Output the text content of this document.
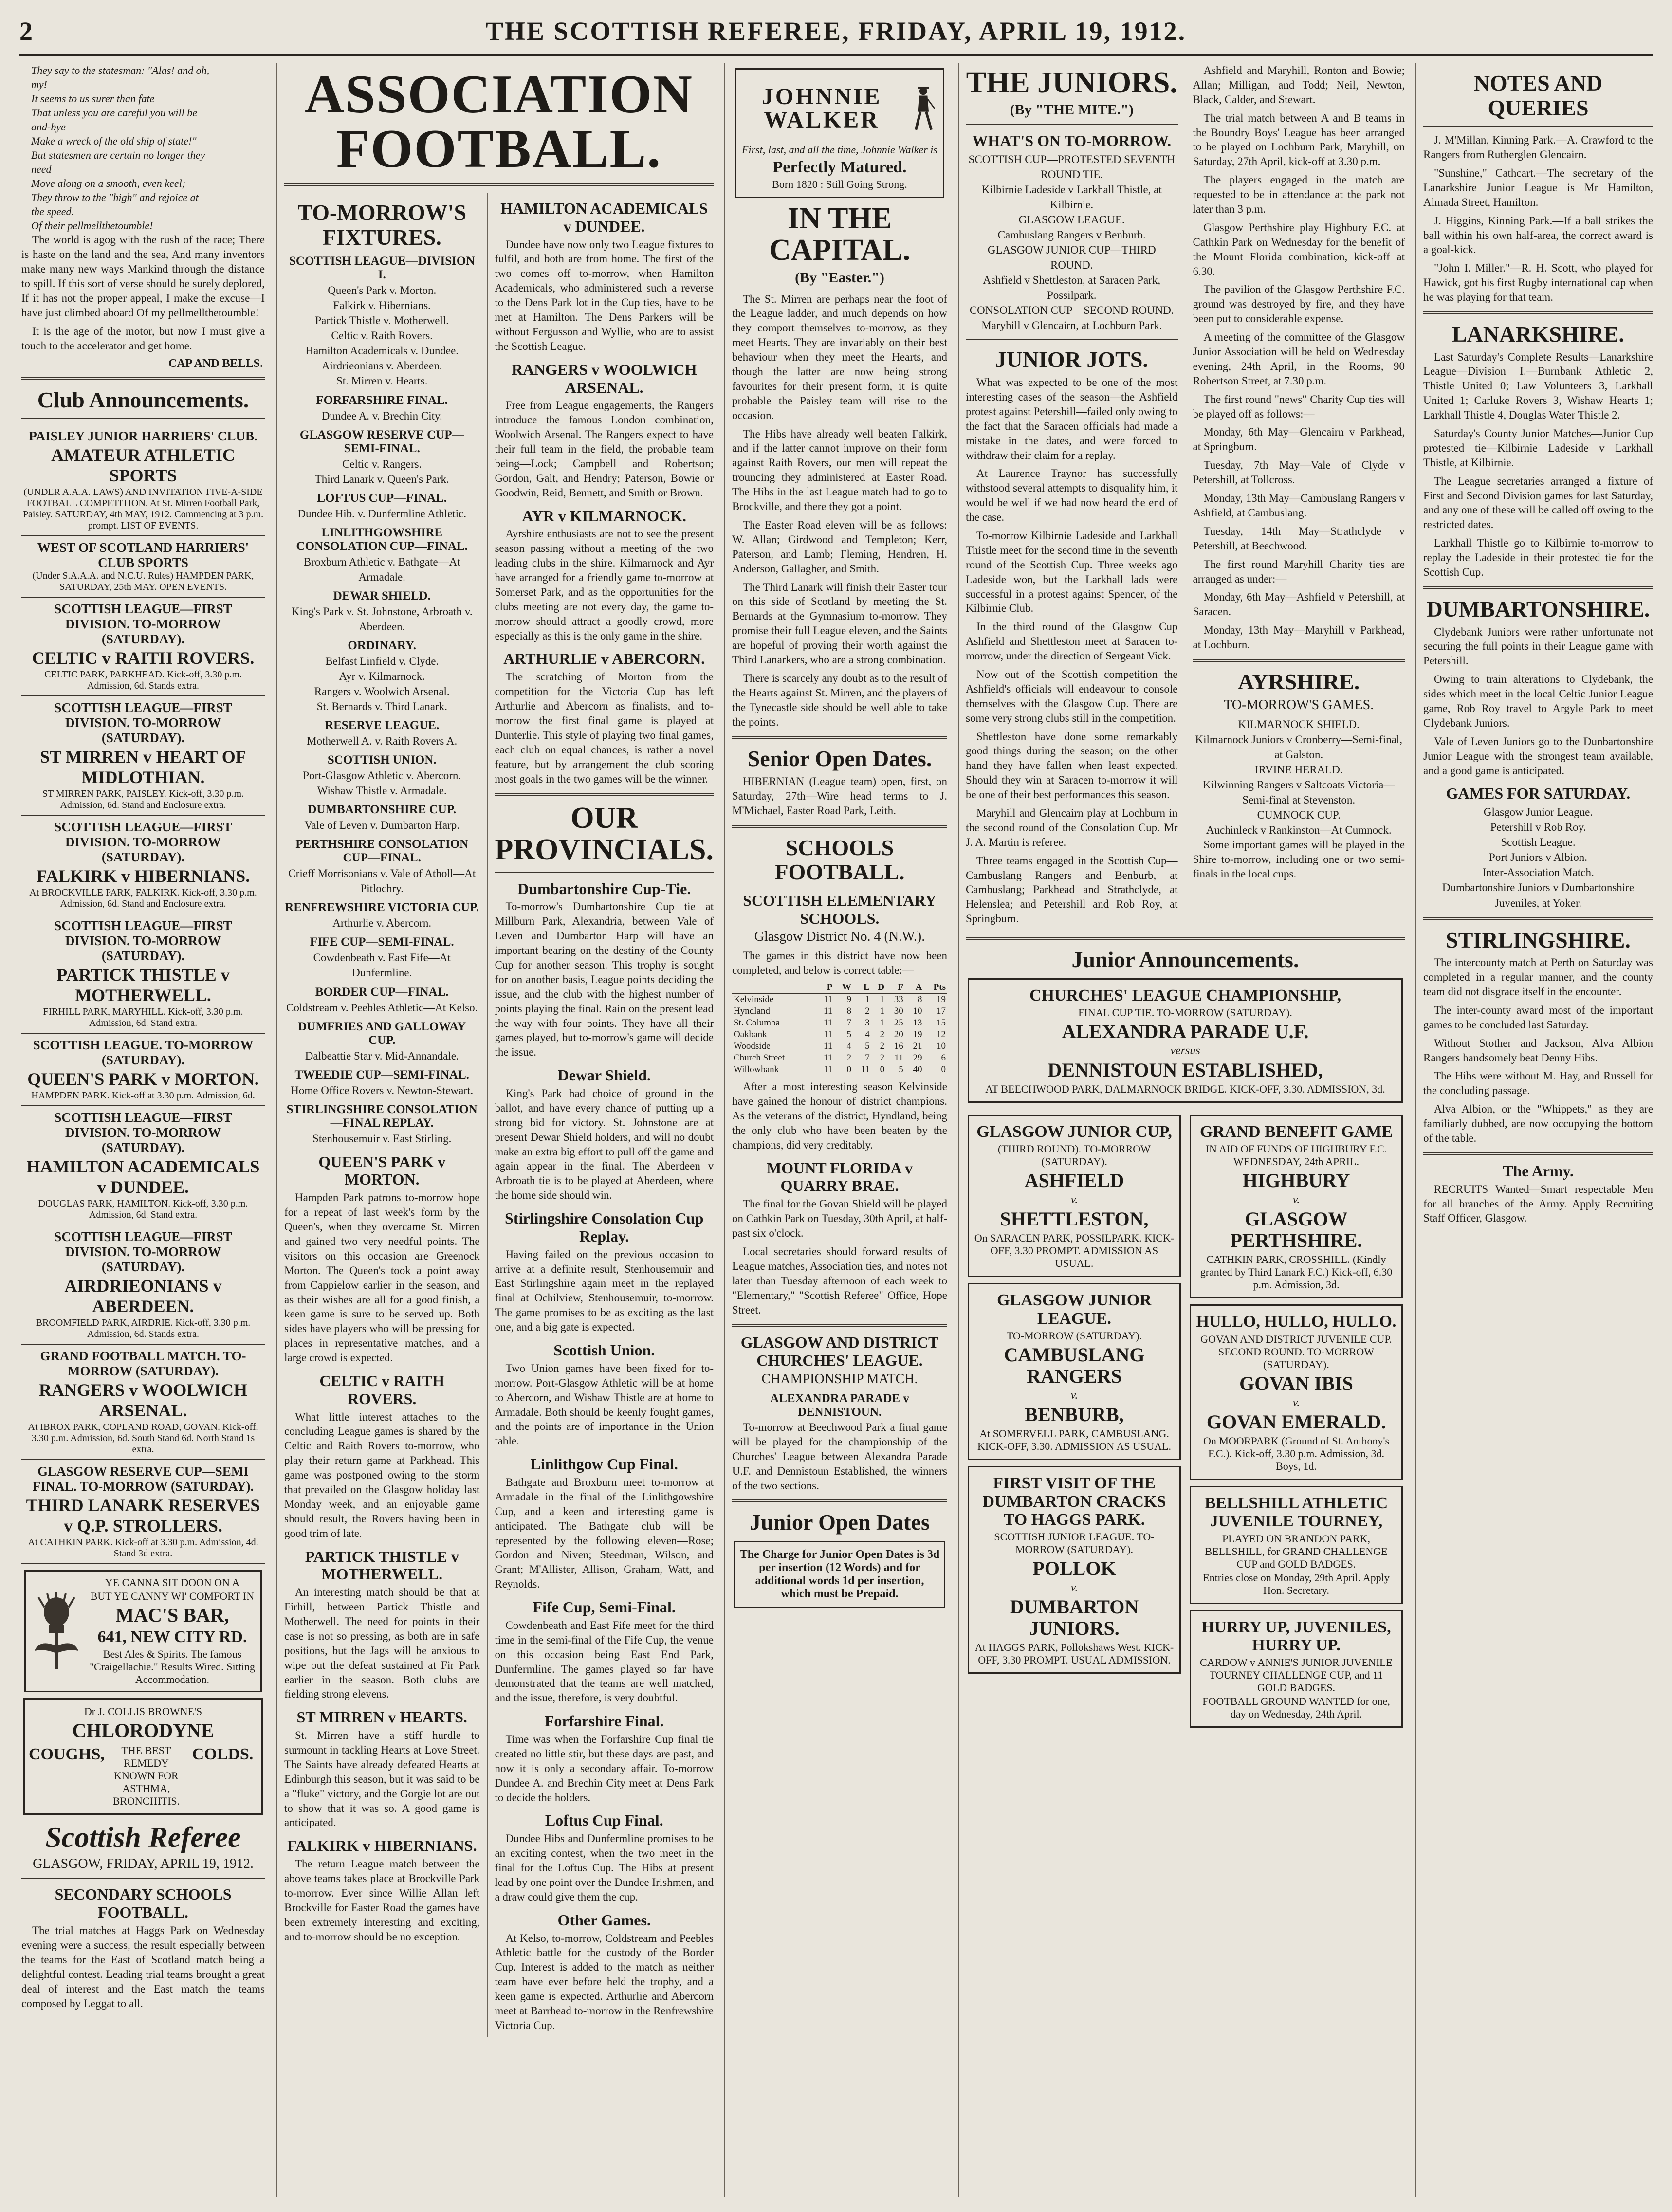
2	THE SCOTTISH REFEREE, FRIDAY, APRIL 19, 1912.

They say to the statesman: "Alas! and oh,

my!

It seems to us surer than fate

That unless you are careful you will be

and-bye

Make a wreck of the old ship of state!"

But statesmen are certain no longer they

need

Move along on a smooth, even keel;

They throw to the "high" and rejoice at

the speed.

Of their pellmellthetoumble!

The world is agog with the rush of the race; There is haste on the land and the sea, And many inventors make many new ways Mankind through the distance to spill. If this sort of verse should be surely deplored, If it has not the proper appeal, I make the excuse—I have just climbed aboard Of my pellmellthetoumble!

It is the age of the motor, but now I must give a touch to the accelerator and get home.

CAP AND BELLS.
Club Announcements.
PAISLEY JUNIOR HARRIERS' CLUB.
AMATEUR ATHLETIC SPORTS
(UNDER A.A.A. LAWS) AND INVITATION FIVE-A-SIDE FOOTBALL COMPETITION. At St. Mirren Football Park, Paisley. SATURDAY, 4th MAY, 1912. Commencing at 3 p.m. prompt. LIST OF EVENTS.
WEST OF SCOTLAND HARRIERS' CLUB SPORTS
(Under S.A.A.A. and N.C.U. Rules) HAMPDEN PARK, SATURDAY, 25th MAY. OPEN EVENTS.
SCOTTISH LEAGUE—FIRST DIVISION. TO-MORROW (SATURDAY).
CELTIC v RAITH ROVERS.
CELTIC PARK, PARKHEAD. Kick-off, 3.30 p.m. Admission, 6d. Stands extra.
SCOTTISH LEAGUE—FIRST DIVISION. TO-MORROW (SATURDAY).
ST MIRREN v HEART OF MIDLOTHIAN.
ST MIRREN PARK, PAISLEY. Kick-off, 3.30 p.m. Admission, 6d. Stand and Enclosure extra.
SCOTTISH LEAGUE—FIRST DIVISION. TO-MORROW (SATURDAY).
FALKIRK v HIBERNIANS.
At BROCKVILLE PARK, FALKIRK. Kick-off, 3.30 p.m. Admission, 6d. Stand and Enclosure extra.
SCOTTISH LEAGUE—FIRST DIVISION. TO-MORROW (SATURDAY).
PARTICK THISTLE v MOTHERWELL.
FIRHILL PARK, MARYHILL. Kick-off, 3.30 p.m. Admission, 6d. Stand extra.
SCOTTISH LEAGUE. TO-MORROW (SATURDAY).
QUEEN'S PARK v MORTON.
HAMPDEN PARK. Kick-off at 3.30 p.m. Admission, 6d.
SCOTTISH LEAGUE—FIRST DIVISION. TO-MORROW (SATURDAY).
HAMILTON ACADEMICALS v DUNDEE.
DOUGLAS PARK, HAMILTON. Kick-off, 3.30 p.m. Admission, 6d. Stand extra.
SCOTTISH LEAGUE—FIRST DIVISION. TO-MORROW (SATURDAY).
AIRDRIEONIANS v ABERDEEN.
BROOMFIELD PARK, AIRDRIE. Kick-off, 3.30 p.m. Admission, 6d. Stands extra.
GRAND FOOTBALL MATCH. TO-MORROW (SATURDAY).
RANGERS v WOOLWICH ARSENAL.
At IBROX PARK, COPLAND ROAD, GOVAN. Kick-off, 3.30 p.m. Admission, 6d. South Stand 6d. North Stand 1s extra.
GLASGOW RESERVE CUP—SEMI FINAL. TO-MORROW (SATURDAY).
THIRD LANARK RESERVES v Q.P. STROLLERS.
At CATHKIN PARK. Kick-off at 3.30 p.m. Admission, 4d. Stand 3d extra.
YE CANNA SIT DOON ON A
BUT YE CANNY WI' COMFORT IN
MAC'S BAR,
641, NEW CITY RD.
Best Ales & Spirits. The famous "Craigellachie." Results Wired. Sitting Accommodation.
Dr J. COLLIS BROWNE'S
CHLORODYNE
COUGHS,	THE BEST REMEDY KNOWN FOR ASTHMA, BRONCHITIS.
COLDS.
Scottish Referee
GLASGOW, FRIDAY, APRIL 19, 1912.
SECONDARY SCHOOLS FOOTBALL.

The trial matches at Haggs Park on Wednesday evening were a success, the result especially between the teams for the East of Scotland match being a delightful contest. Leading trial teams brought a great deal of interest and the East match the teams composed by Leggat to all.

ASSOCIATION FOOTBALL.
TO-MORROW'S FIXTURES.
SCOTTISH LEAGUE—DIVISION I.

Queen's Park v. Morton.

Falkirk v. Hibernians.

Partick Thistle v. Motherwell.

Celtic v. Raith Rovers.

Hamilton Academicals v. Dundee.

Airdrieonians v. Aberdeen.

St. Mirren v. Hearts.

FORFARSHIRE FINAL.

Dundee A. v. Brechin City.

GLASGOW RESERVE CUP—SEMI-FINAL.

Celtic v. Rangers.

Third Lanark v. Queen's Park.

LOFTUS CUP—FINAL.

Dundee Hib. v. Dunfermline Athletic.

LINLITHGOWSHIRE CONSOLATION CUP—FINAL.

Broxburn Athletic v. Bathgate—At Armadale.

DEWAR SHIELD.

King's Park v. St. Johnstone, Arbroath v. Aberdeen.

ORDINARY.

Belfast Linfield v. Clyde.

Ayr v. Kilmarnock.

Rangers v. Woolwich Arsenal.

St. Bernards v. Third Lanark.

RESERVE LEAGUE.

Motherwell A. v. Raith Rovers A.

SCOTTISH UNION.

Port-Glasgow Athletic v. Abercorn.

Wishaw Thistle v. Armadale.

DUMBARTONSHIRE CUP.

Vale of Leven v. Dumbarton Harp.

PERTHSHIRE CONSOLATION CUP—FINAL.

Crieff Morrisonians v. Vale of Atholl—At Pitlochry.

RENFREWSHIRE VICTORIA CUP.

Arthurlie v. Abercorn.

FIFE CUP—SEMI-FINAL.

Cowdenbeath v. East Fife—At Dunfermline.

BORDER CUP—FINAL.

Coldstream v. Peebles Athletic—At Kelso.

DUMFRIES AND GALLOWAY CUP.

Dalbeattie Star v. Mid-Annandale.

TWEEDIE CUP—SEMI-FINAL.

Home Office Rovers v. Newton-Stewart.

STIRLINGSHIRE CONSOLATION—FINAL REPLAY.

Stenhousemuir v. East Stirling.

QUEEN'S PARK v MORTON.

Hampden Park patrons to-morrow hope for a repeat of last week's form by the Queen's, when they overcame St. Mirren and gained two very needful points. The visitors on this occasion are Greenock Morton. The Queen's took a point away from Cappielow earlier in the season, and as their wishes are all for a good finish, a keen game is sure to be served up. Both sides have players who will be pressing for places in representative matches, and a large crowd is expected.

CELTIC v RAITH ROVERS.

What little interest attaches to the concluding League games is shared by the Celtic and Raith Rovers to-morrow, who play their return game at Parkhead. This game was postponed owing to the storm that prevailed on the Glasgow holiday last Monday week, and an enjoyable game should result, the Rovers having been in good trim of late.

PARTICK THISTLE v MOTHERWELL.

An interesting match should be that at Firhill, between Partick Thistle and Motherwell. The need for points in their case is not so pressing, as both are in safe positions, but the Jags will be anxious to wipe out the defeat sustained at Fir Park earlier in the season. Both clubs are fielding strong elevens.

ST MIRREN v HEARTS.

St. Mirren have a stiff hurdle to surmount in tackling Hearts at Love Street. The Saints have already defeated Hearts at Edinburgh this season, but it was said to be a "fluke" victory, and the Gorgie lot are out to show that it was so. A good game is anticipated.

FALKIRK v HIBERNIANS.

The return League match between the above teams takes place at Brockville Park to-morrow. Ever since Willie Allan left Brockville for Easter Road the games have been extremely interesting and exciting, and to-morrow should be no exception.

HAMILTON ACADEMICALS v DUNDEE.

Dundee have now only two League fixtures to fulfil, and both are from home. The first of the two comes off to-morrow, when Hamilton Academicals, who administered such a reverse to the Dens Park lot in the Cup ties, have to be met at Hamilton. The Dens Parkers will be without Fergusson and Wyllie, who are to assist the Scottish League.

RANGERS v WOOLWICH ARSENAL.

Free from League engagements, the Rangers introduce the famous London combination, Woolwich Arsenal. The Rangers expect to have their full team in the field, the probable team being—Lock; Campbell and Robertson; Gordon, Galt, and Hendry; Paterson, Bowie or Goodwin, Reid, Bennett, and Smith or Brown.

AYR v KILMARNOCK.

Ayrshire enthusiasts are not to see the present season passing without a meeting of the two leading clubs in the shire. Kilmarnock and Ayr have arranged for a friendly game to-morrow at Somerset Park, and as the opportunities for the clubs meeting are not every day, the game to-morrow should attract a goodly crowd, more especially as this is the only game in the shire.

ARTHURLIE v ABERCORN.

The scratching of Morton from the competition for the Victoria Cup has left Arthurlie and Abercorn as finalists, and to-morrow the first final game is played at Dunterlie. This style of playing two final games, each club on equal chances, is rather a novel feature, but by arrangement the club scoring most goals in the two games will be the winner.

OUR PROVINCIALS.
Dumbartonshire Cup-Tie.

To-morrow's Dumbartonshire Cup tie at Millburn Park, Alexandria, between Vale of Leven and Dumbarton Harp will have an important bearing on the destiny of the County Cup for another season. This trophy is sought for on another basis, League points deciding the issue, and the club with the highest number of points playing the final. Rain on the present lead the way with four points. They have all their games played, but to-morrow's game will decide the issue.

Dewar Shield.

King's Park had choice of ground in the ballot, and have every chance of putting up a strong bid for victory. St. Johnstone are at present Dewar Shield holders, and will no doubt make an extra big effort to pull off the game and again appear in the final. The Aberdeen v Arbroath tie is to be played at Aberdeen, where the home side should win.

Stirlingshire Consolation Cup Replay.

Having failed on the previous occasion to arrive at a definite result, Stenhousemuir and East Stirlingshire again meet in the replayed final at Ochilview, Stenhousemuir, to-morrow. The game promises to be as exciting as the last one, and a big gate is expected.

Scottish Union.

Two Union games have been fixed for to-morrow. Port-Glasgow Athletic will be at home to Abercorn, and Wishaw Thistle are at home to Armadale. Both should be keenly fought games, and the points are of importance in the Union table.

Linlithgow Cup Final.

Bathgate and Broxburn meet to-morrow at Armadale in the final of the Linlithgowshire Cup, and a keen and interesting game is anticipated. The Bathgate club will be represented by the following eleven—Rose; Gordon and Niven; Steedman, Wilson, and Grant; M'Allister, Allison, Graham, Watt, and Reynolds.

Fife Cup, Semi-Final.

Cowdenbeath and East Fife meet for the third time in the semi-final of the Fife Cup, the venue on this occasion being East End Park, Dunfermline. The games played so far have demonstrated that the teams are well matched, and the issue, therefore, is very doubtful.

Forfarshire Final.

Time was when the Forfarshire Cup final tie created no little stir, but these days are past, and now it is only a secondary affair. To-morrow Dundee A. and Brechin City meet at Dens Park to decide the holders.

Loftus Cup Final.

Dundee Hibs and Dunfermline promises to be an exciting contest, when the two meet in the final for the Loftus Cup. The Hibs at present lead by one point over the Dundee Irishmen, and a draw could give them the cup.

Other Games.

At Kelso, to-morrow, Coldstream and Peebles Athletic battle for the custody of the Border Cup. Interest is added to the match as neither team have ever before held the trophy, and a keen game is expected. Arthurlie and Abercorn meet at Barrhead to-morrow in the Renfrewshire Victoria Cup.

JOHNNIE WALKER
First, last, and all the time, Johnnie Walker is
Perfectly Matured.
Born 1820 : Still Going Strong.
IN THE CAPITAL.
(By "Easter.")

The St. Mirren are perhaps near the foot of the League ladder, and much depends on how they comport themselves to-morrow, as they meet Hearts. They are invariably on their best behaviour when they meet the Hearts, and though the latter are now being strong favourites for their present form, it is quite probable the Paisley team will rise to the occasion.

The Hibs have already well beaten Falkirk, and if the latter cannot improve on their form against Raith Rovers, our men will repeat the trouncing they administered at Easter Road. The Hibs in the last League match had to go to Brockville, and there they got a point.

The Easter Road eleven will be as follows: W. Allan; Girdwood and Templeton; Kerr, Paterson, and Lamb; Fleming, Hendren, H. Anderson, Gallagher, and Smith.

The Third Lanark will finish their Easter tour on this side of Scotland by meeting the St. Bernards at the Gymnasium to-morrow. They promise their full League eleven, and the Saints are hopeful of proving their worth against the Third Lanarkers, who are a strong combination.

There is scarcely any doubt as to the result of the Hearts against St. Mirren, and the players of the Tynecastle side should be well able to take the points.

Senior Open Dates.

HIBERNIAN (League team) open, first, on Saturday, 27th—Wire head terms to J. M'Michael, Easter Road Park, Leith.

SCHOOLS FOOTBALL.
SCOTTISH ELEMENTARY SCHOOLS.
Glasgow District No. 4 (N.W.).

The games in this district have now been completed, and below is correct table:—

	P	W	L	D	F	A	Pts
Kelvinside	11	9	1	1	33	8	19
Hyndland	11	8	2	1	30	10	17
St. Columba	11	7	3	1	25	13	15
Oakbank	11	5	4	2	20	19	12
Woodside	11	4	5	2	16	21	10
Church Street	11	2	7	2	11	29	6
Willowbank	11	0	11	0	5	40	0

After a most interesting season Kelvinside have gained the honour of district champions. As the veterans of the district, Hyndland, being the only club who have been beaten by the champions, did very creditably.

MOUNT FLORIDA v QUARRY BRAE.

The final for the Govan Shield will be played on Cathkin Park on Tuesday, 30th April, at half-past six o'clock.

Local secretaries should forward results of League matches, Association ties, and notes not later than Tuesday afternoon of each week to "Elementary," "Scottish Referee" Office, Hope Street.

GLASGOW AND DISTRICT CHURCHES' LEAGUE.
CHAMPIONSHIP MATCH.
ALEXANDRA PARADE v DENNISTOUN.

To-morrow at Beechwood Park a final game will be played for the championship of the Churches' League between Alexandra Parade U.F. and Dennistoun Established, the winners of the two sections.

Junior Open Dates
The Charge for Junior Open Dates is 3d per insertion (12 Words) and for additional words 1d per insertion, which must be Prepaid.
THE JUNIORS.
(By "THE MITE.")
WHAT'S ON TO-MORROW.

SCOTTISH CUP—PROTESTED SEVENTH ROUND TIE.

Kilbirnie Ladeside v Larkhall Thistle, at Kilbirnie.

GLASGOW LEAGUE.

Cambuslang Rangers v Benburb.

GLASGOW JUNIOR CUP—THIRD ROUND.

Ashfield v Shettleston, at Saracen Park, Possilpark.

CONSOLATION CUP—SECOND ROUND.

Maryhill v Glencairn, at Lochburn Park.

JUNIOR JOTS.

What was expected to be one of the most interesting cases of the season—the Ashfield protest against Petershill—failed only owing to the fact that the Saracen officials had made a mistake in the dates, and were forced to withdraw their claim for a replay.

At Laurence Traynor has successfully withstood several attempts to disqualify him, it would be well if we had now heard the end of the case.

To-morrow Kilbirnie Ladeside and Larkhall Thistle meet for the second time in the seventh round of the Scottish Cup. Three weeks ago Ladeside won, but the Larkhall lads were successful in a protest against Spencer, of the Kilbirnie Club.

In the third round of the Glasgow Cup Ashfield and Shettleston meet at Saracen to-morrow, under the direction of Sergeant Vick.

Now out of the Scottish competition the Ashfield's officials will endeavour to console themselves with the Glasgow Cup. There are some very strong clubs still in the competition.

Shettleston have done some remarkably good things during the season; on the other hand they have fallen when least expected. Should they win at Saracen to-morrow it will be one of their best performances this season.

Maryhill and Glencairn play at Lochburn in the second round of the Consolation Cup. Mr J. A. Martin is referee.

Three teams engaged in the Scottish Cup—Cambuslang Rangers and Benburb, at Cambuslang; Parkhead and Strathclyde, at Helenslea; and Petershill and Rob Roy, at Springburn.

Ashfield and Maryhill, Ronton and Bowie; Allan; Milligan, and Todd; Neil, Newton, Black, Calder, and Stewart.

The trial match between A and B teams in the Boundry Boys' League has been arranged to be played on Lochburn Park, Maryhill, on Saturday, 27th April, kick-off at 3.30 p.m.

The players engaged in the match are requested to be in attendance at the park not later than 3 p.m.

Glasgow Perthshire play Highbury F.C. at Cathkin Park on Wednesday for the benefit of the Mount Florida combination, kick-off at 6.30.

The pavilion of the Glasgow Perthshire F.C. ground was destroyed by fire, and they have been put to considerable expense.

A meeting of the committee of the Glasgow Junior Association will be held on Wednesday evening, 24th April, in the Rooms, 90 Robertson Street, at 7.30 p.m.

The first round "news" Charity Cup ties will be played off as follows:—

Monday, 6th May—Glencairn v Parkhead, at Springburn.

Tuesday, 7th May—Vale of Clyde v Petershill, at Tollcross.

Monday, 13th May—Cambuslang Rangers v Ashfield, at Cambuslang.

Tuesday, 14th May—Strathclyde v Petershill, at Beechwood.

The first round Maryhill Charity ties are arranged as under:—

Monday, 6th May—Ashfield v Petershill, at Saracen.

Monday, 13th May—Maryhill v Parkhead, at Lochburn.

AYRSHIRE.
TO-MORROW'S GAMES.

KILMARNOCK SHIELD.

Kilmarnock Juniors v Cronberry—Semi-final, at Galston.

IRVINE HERALD.

Kilwinning Rangers v Saltcoats Victoria—Semi-final at Stevenston.

CUMNOCK CUP.

Auchinleck v Rankinston—At Cumnock.

Some important games will be played in the Shire to-morrow, including one or two semi-finals in the local cups.

Junior Announcements.
CHURCHES' LEAGUE CHAMPIONSHIP,
FINAL CUP TIE. TO-MORROW (SATURDAY).
ALEXANDRA PARADE U.F.
versus
DENNISTOUN ESTABLISHED,
AT BEECHWOOD PARK, DALMARNOCK BRIDGE. KICK-OFF, 3.30. ADMISSION, 3d.
GLASGOW JUNIOR CUP,
(THIRD ROUND). TO-MORROW (SATURDAY).
ASHFIELD
v.
SHETTLESTON,
On SARACEN PARK, POSSILPARK. KICK-OFF, 3.30 PROMPT. ADMISSION AS USUAL.
GLASGOW JUNIOR LEAGUE.
TO-MORROW (SATURDAY).
CAMBUSLANG RANGERS
v.
BENBURB,
At SOMERVELL PARK, CAMBUSLANG. KICK-OFF, 3.30. ADMISSION AS USUAL.
FIRST VISIT OF THE DUMBARTON CRACKS TO HAGGS PARK.
SCOTTISH JUNIOR LEAGUE. TO-MORROW (SATURDAY).
POLLOK
v.
DUMBARTON JUNIORS.
At HAGGS PARK, Pollokshaws West. KICK-OFF, 3.30 PROMPT. USUAL ADMISSION.
GRAND BENEFIT GAME
IN AID OF FUNDS OF HIGHBURY F.C. WEDNESDAY, 24th APRIL.
HIGHBURY
v.
GLASGOW PERTHSHIRE.
CATHKIN PARK, CROSSHILL. (Kindly granted by Third Lanark F.C.) Kick-off, 6.30 p.m. Admission, 3d.
HULLO, HULLO, HULLO.
GOVAN AND DISTRICT JUVENILE CUP. SECOND ROUND. TO-MORROW (SATURDAY).
GOVAN IBIS
v.
GOVAN EMERALD.
On MOORPARK (Ground of St. Anthony's F.C.). Kick-off, 3.30 p.m. Admission, 3d. Boys, 1d.
BELLSHILL ATHLETIC JUVENILE TOURNEY,
PLAYED ON BRANDON PARK, BELLSHILL, for GRAND CHALLENGE CUP and GOLD BADGES.
Entries close on Monday, 29th April. Apply Hon. Secretary.
HURRY UP, JUVENILES, HURRY UP.
CARDOW v ANNIE'S JUNIOR JUVENILE TOURNEY CHALLENGE CUP, and 11 GOLD BADGES.
FOOTBALL GROUND WANTED for one, day on Wednesday, 24th April.
NOTES AND QUERIES

J. M'Millan, Kinning Park.—A. Crawford to the Rangers from Rutherglen Glencairn.

"Sunshine," Cathcart.—The secretary of the Lanarkshire Junior League is Mr Hamilton, Almada Street, Hamilton.

J. Higgins, Kinning Park.—If a ball strikes the ball within his own half-area, the correct award is a goal-kick.

"John I. Miller."—R. H. Scott, who played for Hawick, got his first Rugby international cap when he was playing for that team.

LANARKSHIRE.

Last Saturday's Complete Results—Lanarkshire League—Division I.—Burnbank Athletic 2, Thistle United 0; Law Volunteers 3, Larkhall United 1; Carluke Rovers 3, Wishaw Hearts 1; Larkhall Thistle 4, Douglas Water Thistle 2.

Saturday's County Junior Matches—Junior Cup protested tie—Kilbirnie Ladeside v Larkhall Thistle, at Kilbirnie.

The League secretaries arranged a fixture of First and Second Division games for last Saturday, and any one of these will be called off owing to the restricted dates.

Larkhall Thistle go to Kilbirnie to-morrow to replay the Ladeside in their protested tie for the Scottish Cup.

DUMBARTONSHIRE.

Clydebank Juniors were rather unfortunate not securing the full points in their League game with Petershill.

Owing to train alterations to Clydebank, the sides which meet in the local Celtic Junior League game, Rob Roy travel to Argyle Park to meet Clydebank Juniors.

Vale of Leven Juniors go to the Dunbartonshire Junior League with the strongest team available, and a good game is anticipated.

GAMES FOR SATURDAY.

Glasgow Junior League.

Petershill v Rob Roy.

Scottish League.

Port Juniors v Albion.

Inter-Association Match.

Dumbartonshire Juniors v Dumbartonshire Juveniles, at Yoker.

STIRLINGSHIRE.

The intercounty match at Perth on Saturday was completed in a regular manner, and the county team did not disgrace itself in the encounter.

The inter-county award most of the important games to be concluded last Saturday.

Without Stother and Jackson, Alva Albion Rangers handsomely beat Denny Hibs.

The Hibs were without M. Hay, and Russell for the concluding passage.

Alva Albion, or the "Whippets," as they are familiarly dubbed, are now occupying the bottom of the table.

The Army.

RECRUITS Wanted—Smart respectable Men for all branches of the Army. Apply Recruiting Staff Officer, Glasgow.
